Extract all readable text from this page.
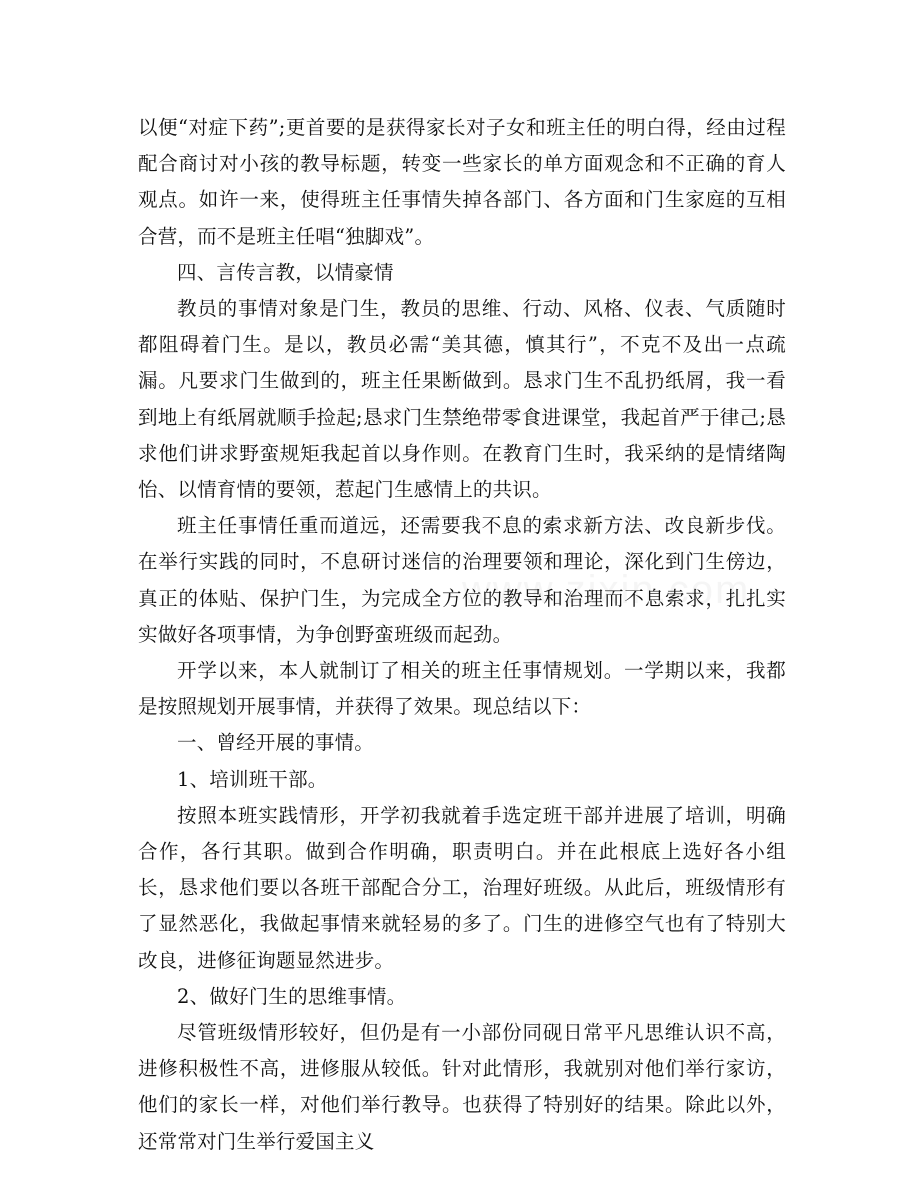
以便“对症下药”;更首要的是获得家长对子女和班主任的明白得，经由过程配合商讨对小孩的教导标题，转变一些家长的单方面观念和不正确的育人观点。如许一来，使得班主任事情失掉各部门、各方面和门生家庭的互相合营，而不是班主任唱“独脚戏”。

四、言传言教，以情豪情

教员的事情对象是门生，教员的思维、行动、风格、仪表、气质随时都阻碍着门生。是以，教员必需“美其德，慎其行”，不克不及出一点疏漏。凡要求门生做到的，班主任果断做到。恳求门生不乱扔纸屑，我一看到地上有纸屑就顺手捡起;恳求门生禁绝带零食进课堂，我起首严于律己;恳求他们讲求野蛮规矩我起首以身作则。在教育门生时，我采纳的是情绪陶怡、以情育情的要领，惹起门生感情上的共识。

班主任事情任重而道远，还需要我不息的索求新方法、改良新步伐。在举行实践的同时，不息研讨迷信的治理要领和理论，深化到门生傍边，真正的体贴、保护门生，为完成全方位的教导和治理而不息索求，扎扎实实做好各项事情，为争创野蛮班级而起劲。

开学以来，本人就制订了相关的班主任事情规划。一学期以来，我都是按照规划开展事情，并获得了效果。现总结以下：

一、曾经开展的事情。

1、培训班干部。

按照本班实践情形，开学初我就着手选定班干部并进展了培训，明确合作，各行其职。做到合作明确，职责明白。并在此根底上选好各小组长，恳求他们要以各班干部配合分工，治理好班级。从此后，班级情形有了显然恶化，我做起事情来就轻易的多了。门生的进修空气也有了特别大改良，进修征询题显然进步。

2、做好门生的思维事情。

尽管班级情形较好，但仍是有一小部份同砚日常平凡思维认识不高，进修积极性不高，进修服从较低。针对此情形，我就别对他们举行家访，他们的家长一样，对他们举行教导。也获得了特别好的结果。除此以外，还常常对门生举行爱国主义
